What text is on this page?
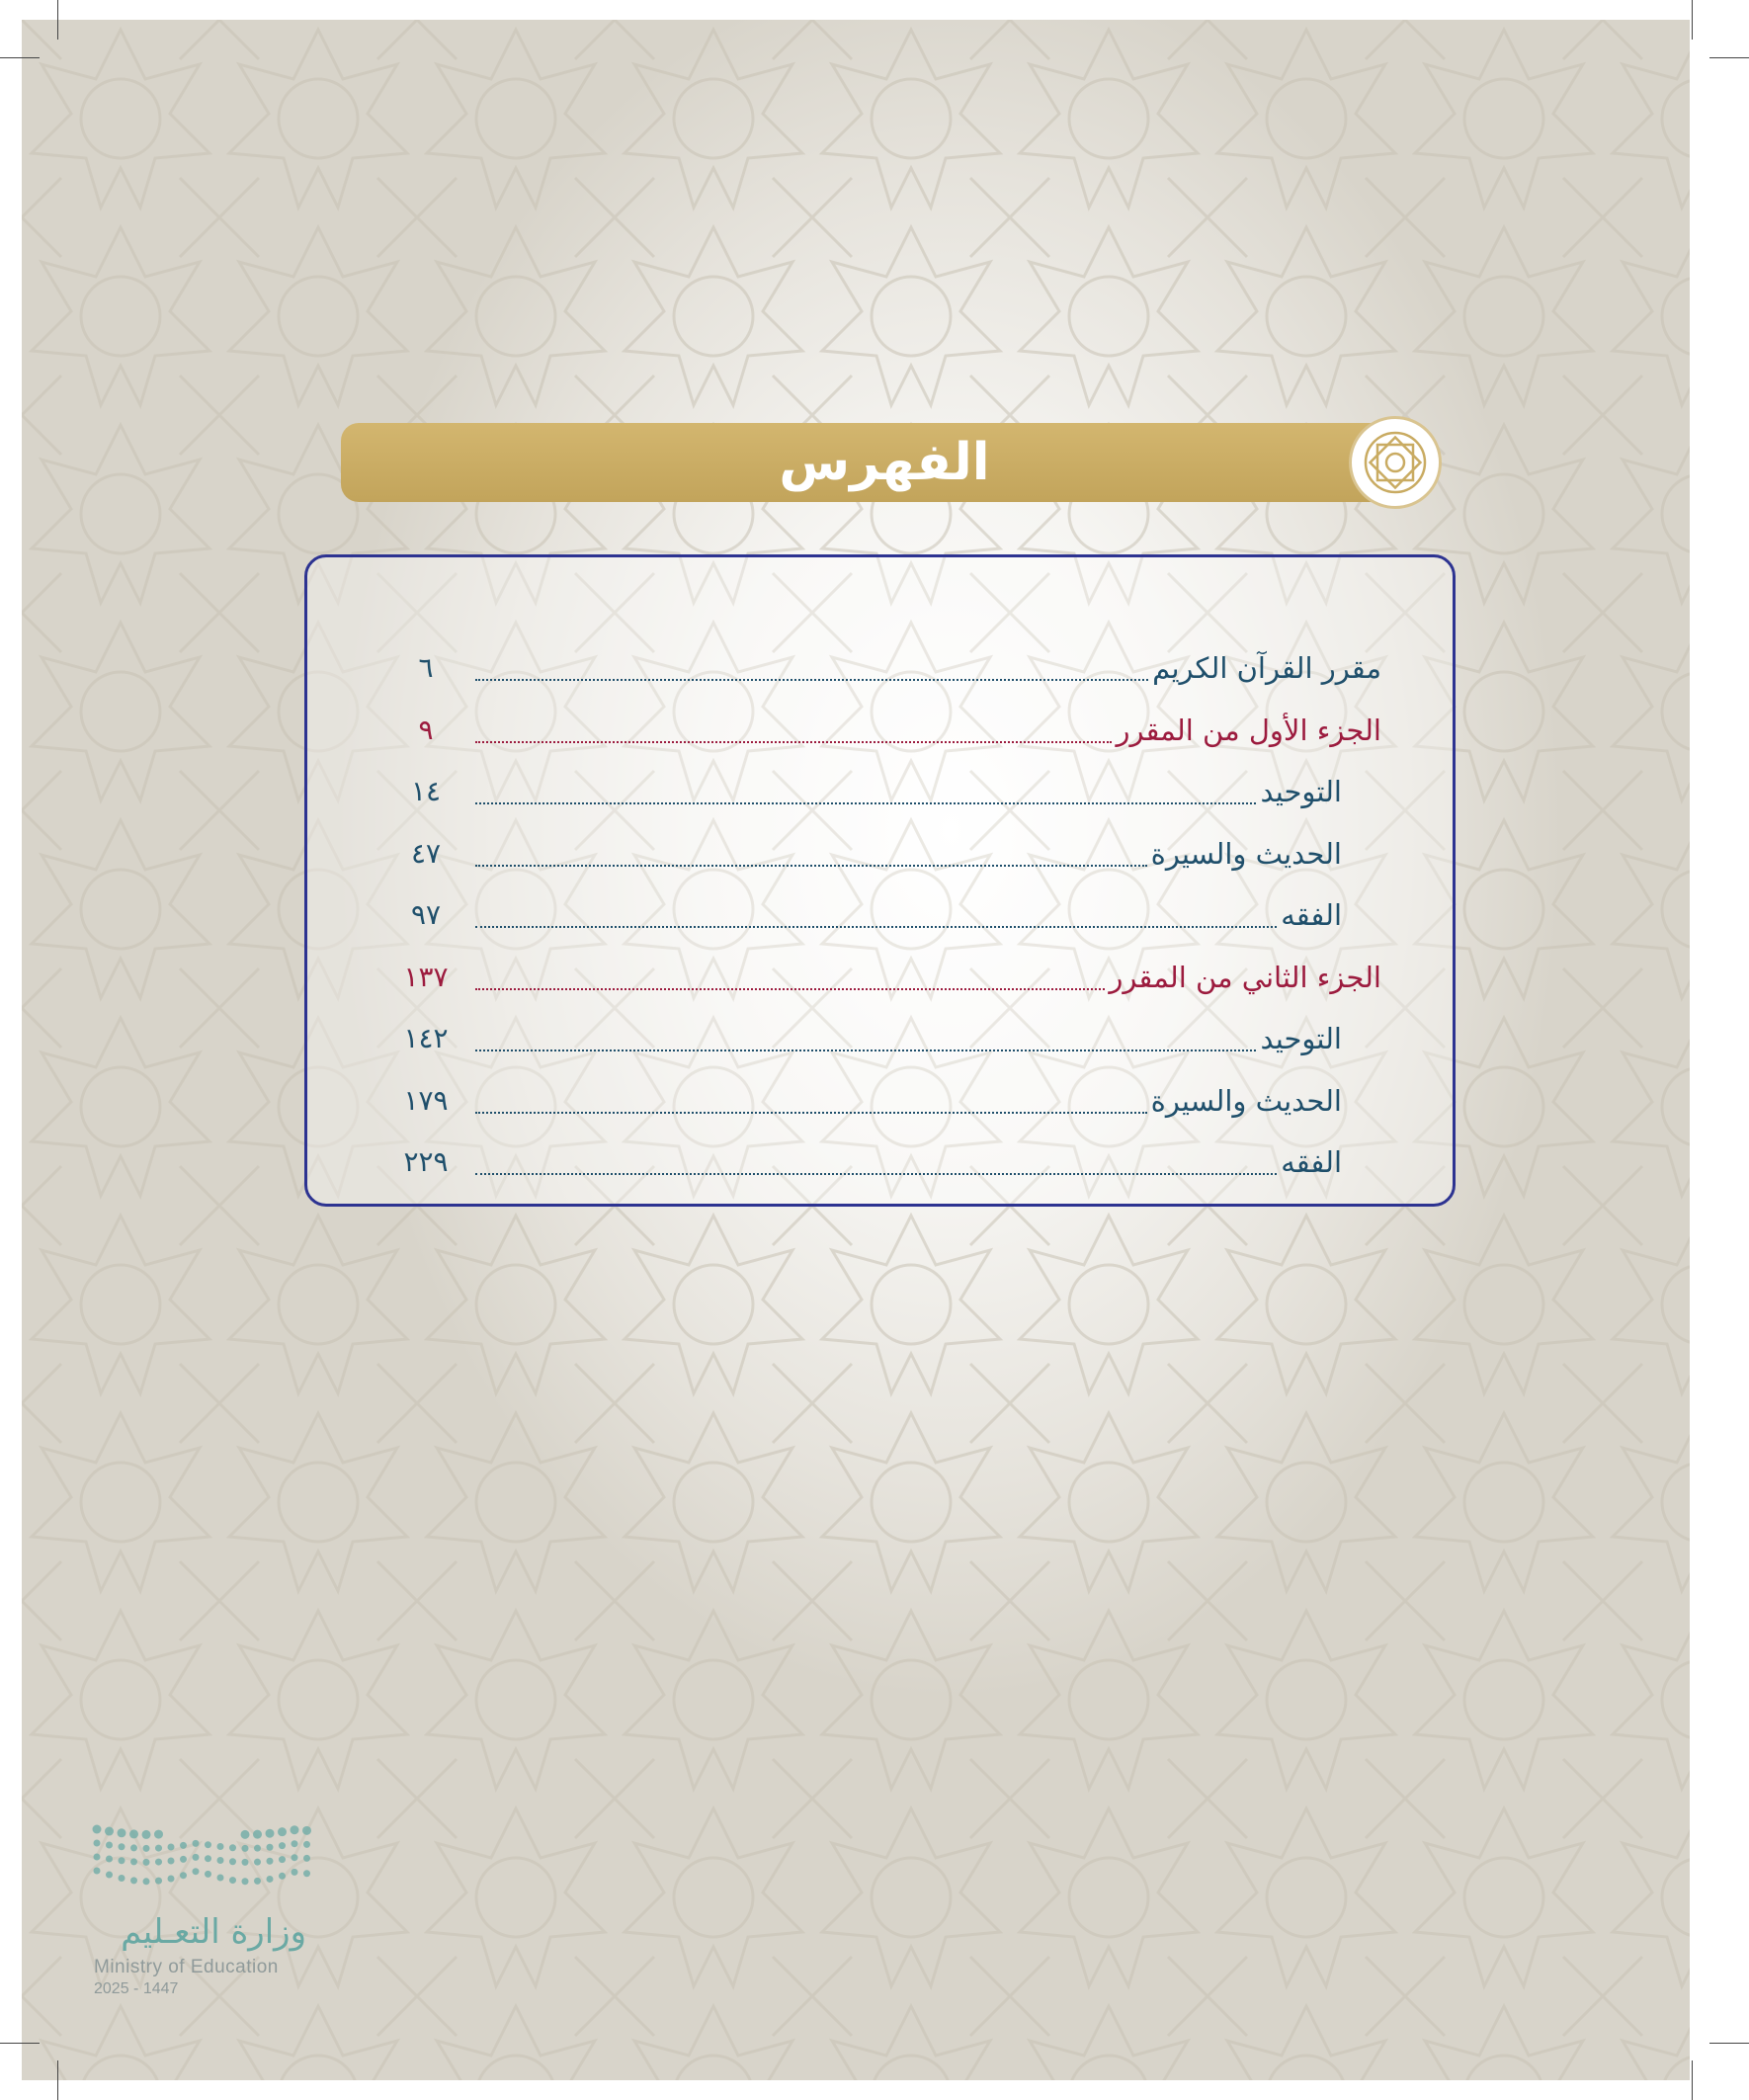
الفهرس
مقرر القرآن الكريم
٦
الجزء الأول من المقرر
٩
التوحيد
١٤
الحديث والسيرة
٤٧
الفقه
٩٧
الجزء الثاني من المقرر
١٣٧
التوحيد
١٤٢
الحديث والسيرة
١٧٩
الفقه
٢٢٩
وزارة التعـليم
Ministry of Education
2025 - 1447
